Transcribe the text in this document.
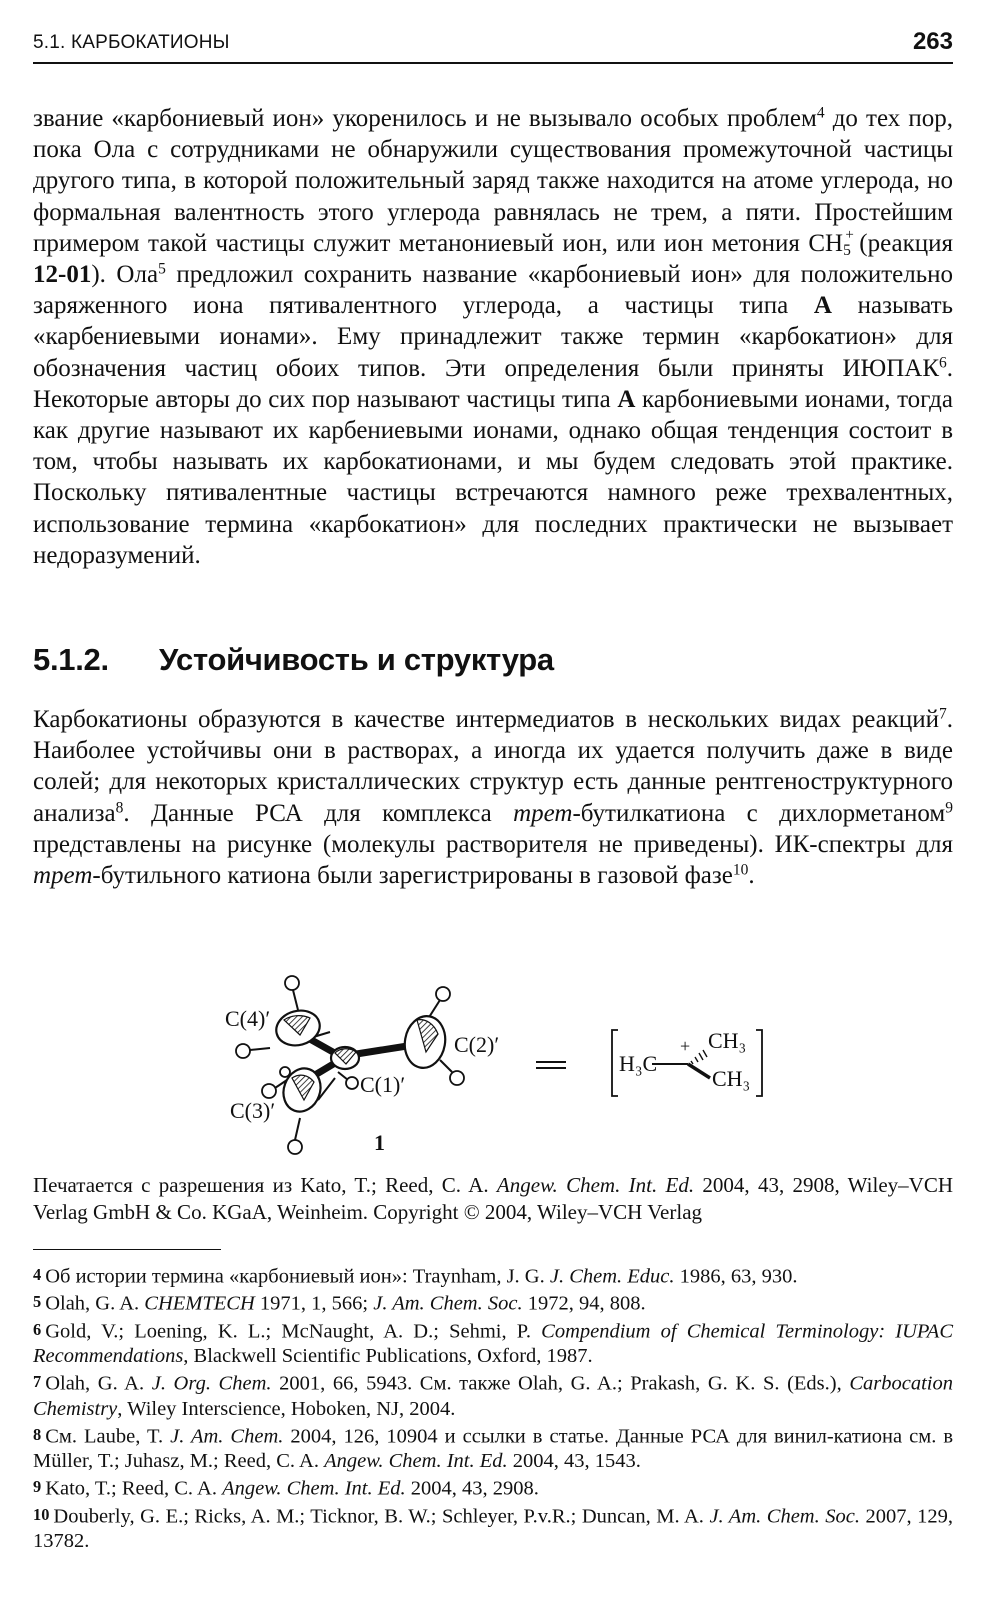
5.1. КАРБОКАТИОНЫ	263

звание «карбониевый ион» укоренилось и не вызывало особых проблем$^4$ до тех пор, пока Ола с сотрудниками не обнаружили существования промежуточной частицы другого типа, в которой положительный заряд также находится на атоме углерода, но формальная валентность этого углерода равнялась не трем, а пяти. Простейшим примером такой частицы служит метанониевый ион, или ион метония CH +
$_5$ (реакция 12-01). Ола$^5$ предложил сохранить название «карбониевый ион» для положительно заряженного иона пятивалентного углерода, а частицы типа А называть «карбениевыми ионами». Ему принадлежит также термин «карбокатион» для обозначения частиц обоих типов. Эти определения были приняты ИЮПАК$^6$. Некоторые авторы до сих пор называют частицы типа А карбониевыми ионами, тогда как другие называют их карбениевыми ионами, однако общая тенденция состоит в том, чтобы называть их карбокатионами, и мы будем следовать этой практике. Поскольку пятивалентные частицы встречаются намного реже трехвалентных, использование термина «карбокатион» для последних практически не вызывает недоразумений.

5.1.2. Устойчивость и структура

Карбокатионы образуются в качестве интермедиатов в нескольких видах реакций$^7$. Наиболее устойчивы они в растворах, а иногда их удается получить даже в виде солей; для некоторых кристаллических структур есть данные рентгеноструктурного анализа$^8$. Данные РСА для комплекса трет-бутилкатиона с дихлорметаном$^9$ представлены на рисунке (молекулы растворителя не приведены). ИК-спектры для трет-бутильного катиона были зарегистрированы в газовой фазе$^{10}$.

C(4)′
C(2)′
C(1)′
C(3)′
H₃C
+ CH₃
CH₃
1

Печатается с разрешения из Kato, T.; Reed, C. A. Angew. Chem. Int. Ed. 2004, 43, 2908, Wiley–VCH Verlag GmbH & Co. KGaA, Weinheim. Copyright © 2004, Wiley–VCH Verlag

4 Об истории термина «карбониевый ион»: Traynham, J. G. J. Chem. Educ. 1986, 63, 930.

5 Olah, G. A. CHEMTECH 1971, 1, 566; J. Am. Chem. Soc. 1972, 94, 808.

6 Gold, V.; Loening, K. L.; McNaught, A. D.; Sehmi, P. Compendium of Chemical Terminology: IUPAC Recommendations, Blackwell Scientific Publications, Oxford, 1987.

7 Olah, G. A. J. Org. Chem. 2001, 66, 5943. См. также Olah, G. A.; Prakash, G. K. S. (Eds.), Carbocation Chemistry, Wiley Interscience, Hoboken, NJ, 2004.

8 См. Laube, T. J. Am. Chem. 2004, 126, 10904 и ссылки в статье. Данные РСА для винил-катиона см. в Müller, T.; Juhasz, M.; Reed, C. A. Angew. Chem. Int. Ed. 2004, 43, 1543.

9 Kato, T.; Reed, C. A. Angew. Chem. Int. Ed. 2004, 43, 2908.

10 Douberly, G. E.; Ricks, A. M.; Ticknor, B. W.; Schleyer, P.v.R.; Duncan, M. A. J. Am. Chem. Soc. 2007, 129, 13782.
